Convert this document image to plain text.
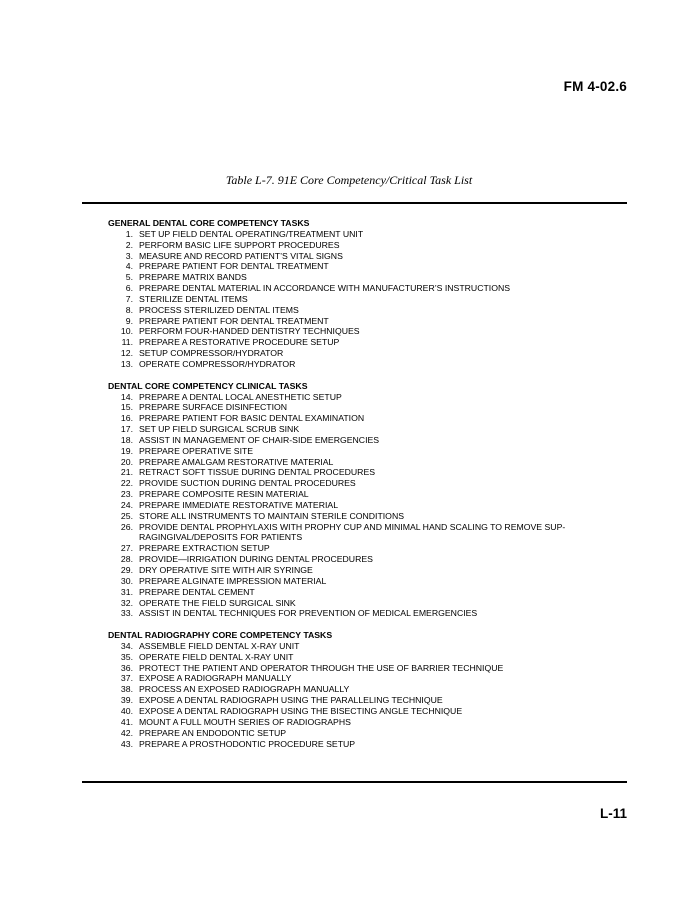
FM 4-02.6
Table L-7. 91E Core Competency/Critical Task List
GENERAL DENTAL CORE COMPETENCY TASKS
1. SET UP FIELD DENTAL OPERATING/TREATMENT UNIT
2. PERFORM BASIC LIFE SUPPORT PROCEDURES
3. MEASURE AND RECORD PATIENT’S VITAL SIGNS
4. PREPARE PATIENT FOR DENTAL TREATMENT
5. PREPARE MATRIX BANDS
6. PREPARE DENTAL MATERIAL IN ACCORDANCE WITH MANUFACTURER’S INSTRUCTIONS
7. STERILIZE DENTAL ITEMS
8. PROCESS STERILIZED DENTAL ITEMS
9. PREPARE PATIENT FOR DENTAL TREATMENT
10. PERFORM FOUR-HANDED DENTISTRY TECHNIQUES
11. PREPARE A RESTORATIVE PROCEDURE SETUP
12. SETUP COMPRESSOR/HYDRATOR
13. OPERATE COMPRESSOR/HYDRATOR
DENTAL CORE COMPETENCY CLINICAL TASKS
14. PREPARE A DENTAL LOCAL ANESTHETIC SETUP
15. PREPARE SURFACE DISINFECTION
16. PREPARE PATIENT FOR BASIC DENTAL EXAMINATION
17. SET UP FIELD SURGICAL SCRUB SINK
18. ASSIST IN MANAGEMENT OF CHAIR-SIDE EMERGENCIES
19. PREPARE OPERATIVE SITE
20. PREPARE AMALGAM RESTORATIVE MATERIAL
21. RETRACT SOFT TISSUE DURING DENTAL PROCEDURES
22. PROVIDE SUCTION DURING DENTAL PROCEDURES
23. PREPARE COMPOSITE RESIN MATERIAL
24. PREPARE IMMEDIATE RESTORATIVE MATERIAL
25. STORE ALL INSTRUMENTS TO MAINTAIN STERILE CONDITIONS
26. PROVIDE DENTAL PROPHYLAXIS WITH PROPHY CUP AND MINIMAL HAND SCALING TO REMOVE SUP-RAGINGIVAL/DEPOSITS FOR PATIENTS
27. PREPARE EXTRACTION SETUP
28. PROVIDE—IRRIGATION DURING DENTAL PROCEDURES
29. DRY OPERATIVE SITE WITH AIR SYRINGE
30. PREPARE ALGINATE IMPRESSION MATERIAL
31. PREPARE DENTAL CEMENT
32. OPERATE THE FIELD SURGICAL SINK
33. ASSIST IN DENTAL TECHNIQUES FOR PREVENTION OF MEDICAL EMERGENCIES
DENTAL RADIOGRAPHY CORE COMPETENCY TASKS
34. ASSEMBLE FIELD DENTAL X-RAY UNIT
35. OPERATE FIELD DENTAL X-RAY UNIT
36. PROTECT THE PATIENT AND OPERATOR THROUGH THE USE OF BARRIER TECHNIQUE
37. EXPOSE A RADIOGRAPH MANUALLY
38. PROCESS AN EXPOSED RADIOGRAPH MANUALLY
39. EXPOSE A DENTAL RADIOGRAPH USING THE PARALLELING TECHNIQUE
40. EXPOSE A DENTAL RADIOGRAPH USING THE BISECTING ANGLE TECHNIQUE
41. MOUNT A FULL MOUTH SERIES OF RADIOGRAPHS
42. PREPARE AN ENDODONTIC SETUP
43. PREPARE A PROSTHODONTIC PROCEDURE SETUP
L-11
